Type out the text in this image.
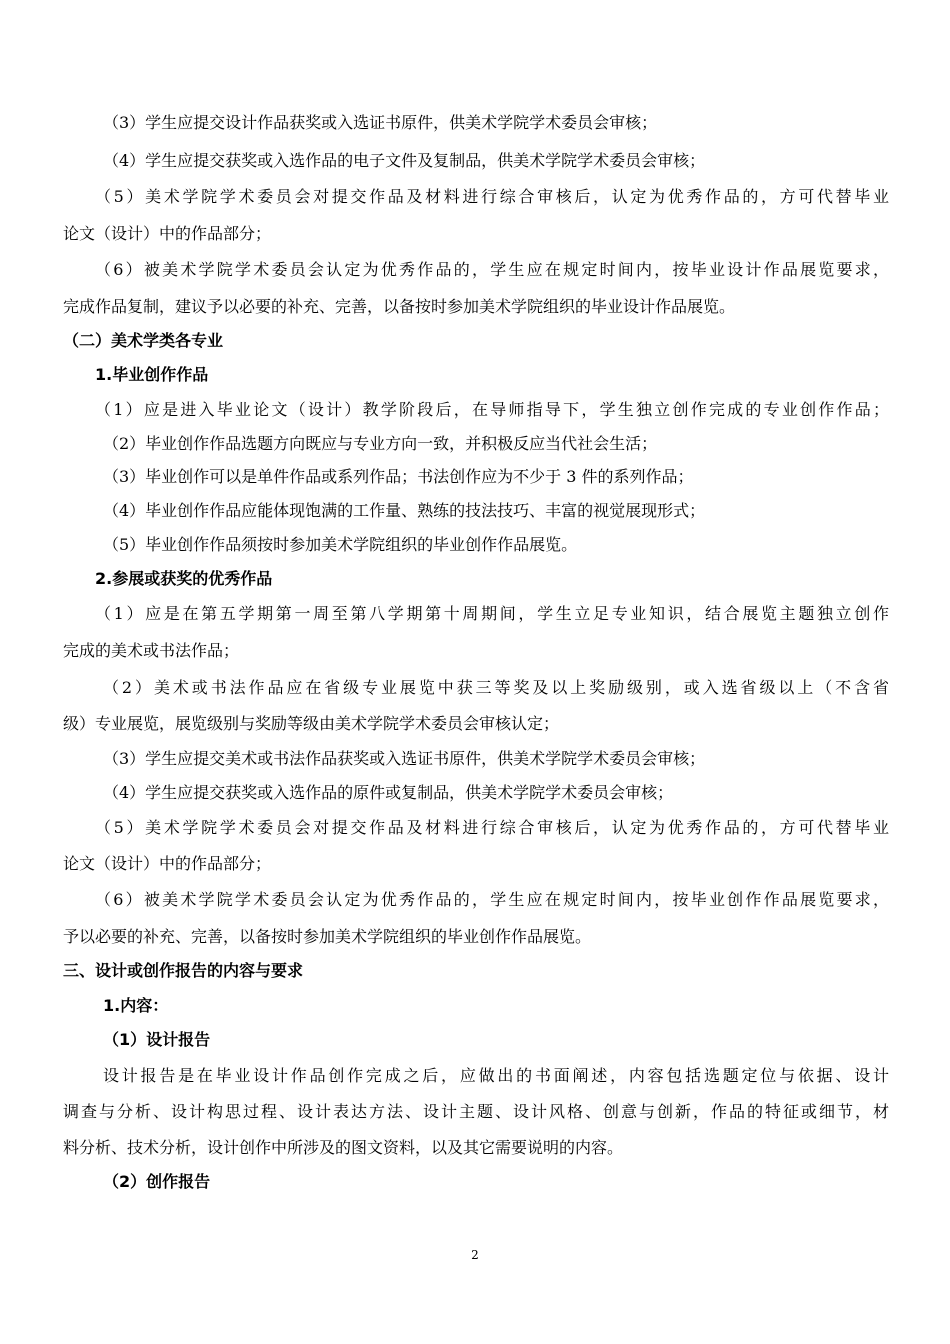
（3）学生应提交设计作品获奖或入选证书原件，供美术学院学术委员会审核；
（4）学生应提交获奖或入选作品的电子文件及复制品，供美术学院学术委员会审核；
（5）美术学院学术委员会对提交作品及材料进行综合审核后，认定为优秀作品的，方可代替毕业
论文（设计）中的作品部分；
（6）被美术学院学术委员会认定为优秀作品的，学生应在规定时间内，按毕业设计作品展览要求，
完成作品复制，建议予以必要的补充、完善，以备按时参加美术学院组织的毕业设计作品展览。
（二）美术学类各专业
1.毕业创作作品
（1）应是进入毕业论文（设计）教学阶段后，在导师指导下，学生独立创作完成的专业创作作品；
（2）毕业创作作品选题方向既应与专业方向一致，并积极反应当代社会生活；
（3）毕业创作可以是单件作品或系列作品；书法创作应为不少于 3 件的系列作品；
（4）毕业创作作品应能体现饱满的工作量、熟练的技法技巧、丰富的视觉展现形式；
（5）毕业创作作品须按时参加美术学院组织的毕业创作作品展览。
2.参展或获奖的优秀作品
（1）应是在第五学期第一周至第八学期第十周期间，学生立足专业知识，结合展览主题独立创作
完成的美术或书法作品；
（2）美术或书法作品应在省级专业展览中获三等奖及以上奖励级别，或入选省级以上（不含省
级）专业展览，展览级别与奖励等级由美术学院学术委员会审核认定；
（3）学生应提交美术或书法作品获奖或入选证书原件，供美术学院学术委员会审核；
（4）学生应提交获奖或入选作品的原件或复制品，供美术学院学术委员会审核；
（5）美术学院学术委员会对提交作品及材料进行综合审核后，认定为优秀作品的，方可代替毕业
论文（设计）中的作品部分；
（6）被美术学院学术委员会认定为优秀作品的，学生应在规定时间内，按毕业创作作品展览要求，
予以必要的补充、完善，以备按时参加美术学院组织的毕业创作作品展览。
三、设计或创作报告的内容与要求
1.内容：
（1）设计报告
设计报告是在毕业设计作品创作完成之后，应做出的书面阐述，内容包括选题定位与依据、设计
调查与分析、设计构思过程、设计表达方法、设计主题、设计风格、创意与创新，作品的特征或细节，材
料分析、技术分析，设计创作中所涉及的图文资料，以及其它需要说明的内容。
（2）创作报告
2
